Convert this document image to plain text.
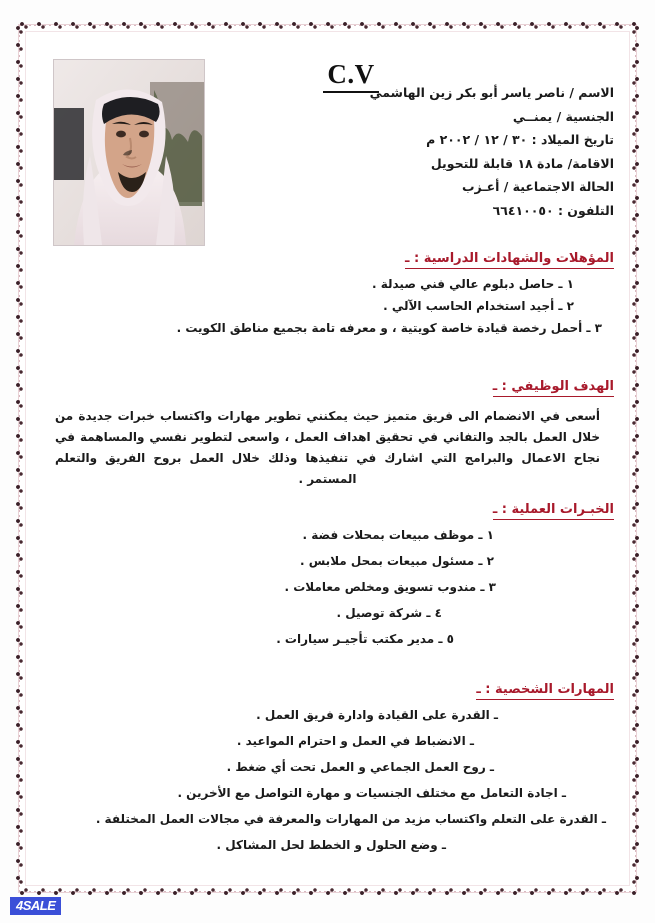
C.V
الاسم / ناصر ياسر أبو بكر زين الهاشمي
الجنسية / يمنــي
تاريخ الميلاد : ٣٠ / ١٢ / ٢٠٠٢ م
الاقامة/ مادة ١٨ قابلة للتحويل
الحالة الاجتماعية / أعـزب
التلفون : ٦٦٤١٠٠٥٠
المؤهلات والشهادات الدراسية : ـ
١ ـ حاصل دبلوم عالي فني صيدلة .
٢ ـ أجيد استخدام الحاسب الآلي .
٣ ـ أحمل رخصة قيادة خاصة كويتية ، و معرفه تامة بجميع مناطق الكويت .
الهدف الوظيفي : ـ
أسعى في الانضمام الى فريق متميز حيث يمكنني تطوير مهارات واكتساب خبرات جديدة من خلال العمل بالجد والتفاني في تحقيق اهداف العمل ، واسعى لتطوير نفسي والمساهمة في نجاح الاعمال والبرامج التي اشارك في تنفيذها وذلك خلال العمل بروح الفريق والتعلم المستمر .
الخبـرات العملية : ـ
١ ـ موظف مبيعات بمحلات فضة .
٢ ـ مسئول مبيعات بمحل ملابس .
٣ ـ مندوب تسويق ومخلص معاملات .
٤ ـ شركة توصيل .
٥ ـ مدير مكتب تأجيـر سيارات .
المهارات الشخصية : ـ
ـ القدرة على القيادة وادارة فريق العمل .
ـ الانضباط في العمل و احترام المواعيد .
ـ روح العمل الجماعي و العمل تحت أي ضغط .
ـ اجادة التعامل مع مختلف الجنسيات و مهارة التواصل مع الأخرين .
ـ القدرة على التعلم واكتساب مزيد من المهارات والمعرفة في مجالات العمل المختلفة .
ـ وضع الحلول و الخطط لحل المشاكل .
4SALE
